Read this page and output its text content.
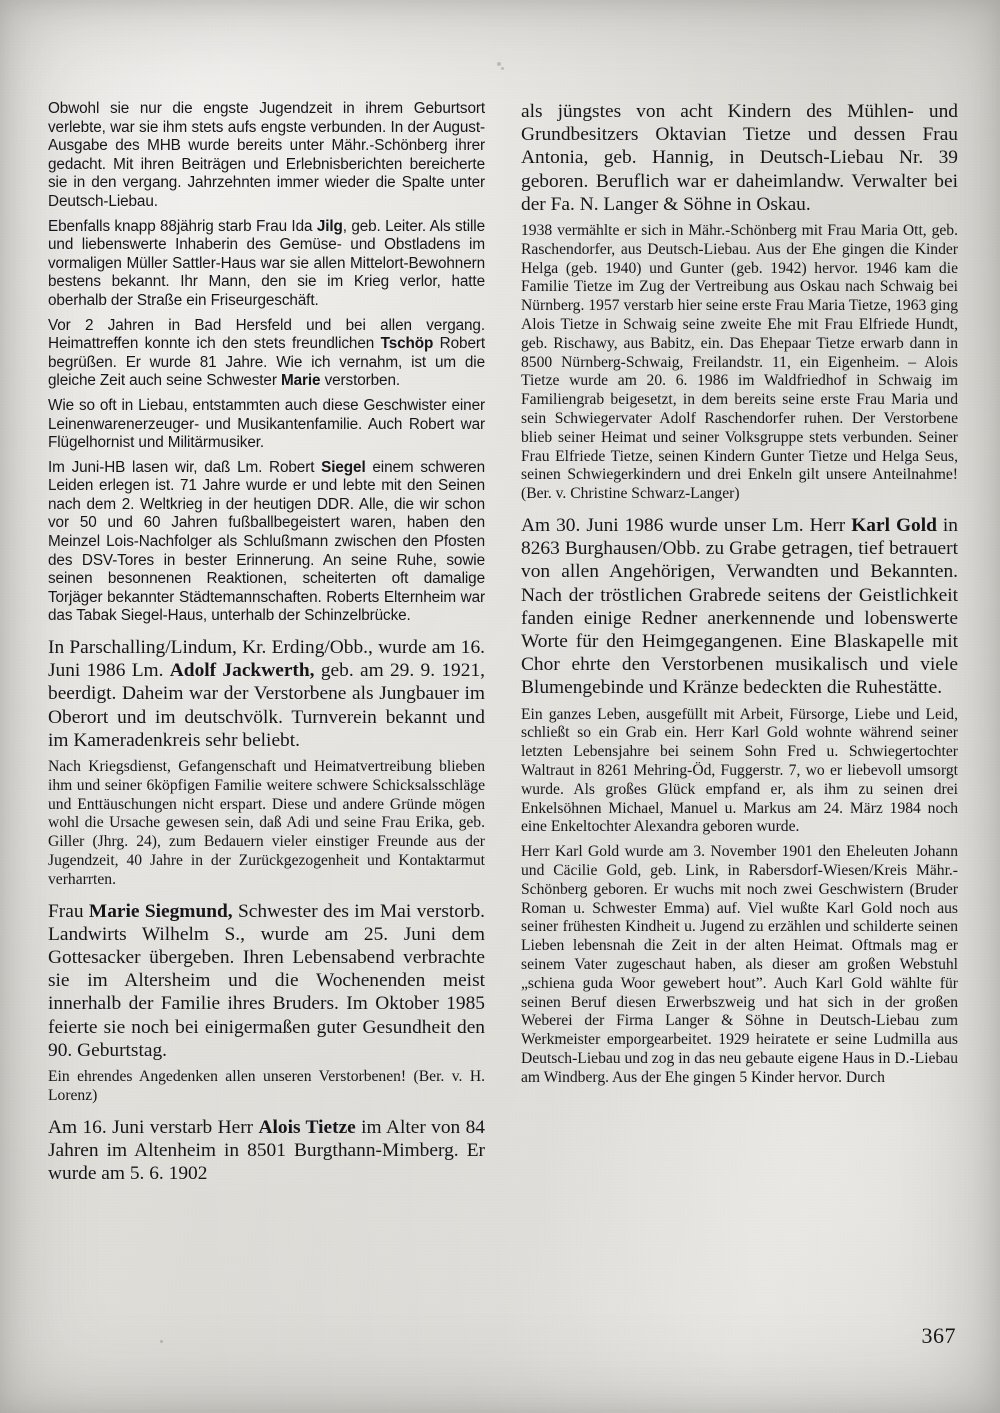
Obwohl sie nur die engste Jugendzeit in ihrem Geburtsort verlebte, war sie ihm stets aufs engste verbunden. In der August-Ausgabe des MHB wurde bereits unter Mähr.-Schönberg ihrer gedacht. Mit ihren Beiträgen und Erlebnisberichten bereicherte sie in den vergang. Jahrzehnten immer wieder die Spalte unter Deutsch-Liebau.

Ebenfalls knapp 88jährig starb Frau Ida Jilg, geb. Leiter. Als stille und liebenswerte Inhaberin des Gemüse- und Obstladens im vormaligen Müller Sattler-Haus war sie allen Mittelort-Bewohnern bestens bekannt. Ihr Mann, den sie im Krieg verlor, hatte oberhalb der Straße ein Friseurgeschäft.

Vor 2 Jahren in Bad Hersfeld und bei allen vergang. Heimattreffen konnte ich den stets freundlichen Tschöp Robert begrüßen. Er wurde 81 Jahre. Wie ich vernahm, ist um die gleiche Zeit auch seine Schwester Marie verstorben.

Wie so oft in Liebau, entstammten auch diese Geschwister einer Leinenwarenerzeuger- und Musikantenfamilie. Auch Robert war Flügelhornist und Militärmusiker.

Im Juni-HB lasen wir, daß Lm. Robert Siegel einem schweren Leiden erlegen ist. 71 Jahre wurde er und lebte mit den Seinen nach dem 2. Weltkrieg in der heutigen DDR. Alle, die wir schon vor 50 und 60 Jahren fußballbegeistert waren, haben den Meinzel Lois-Nachfolger als Schlußmann zwischen den Pfosten des DSV-Tores in bester Erinnerung. An seine Ruhe, sowie seinen besonnenen Reaktionen, scheiterten oft damalige Torjäger bekannter Städtemannschaften. Roberts Elternheim war das Tabak Siegel-Haus, unterhalb der Schinzelbrücke.

In Parschalling/Lindum, Kr. Erding/Obb., wurde am 16. Juni 1986 Lm. Adolf Jackwerth, geb. am 29. 9. 1921, beerdigt. Daheim war der Verstorbene als Jungbauer im Oberort und im deutschvölk. Turnverein bekannt und im Kameradenkreis sehr beliebt.

Nach Kriegsdienst, Gefangenschaft und Heimatvertreibung blieben ihm und seiner 6köpfigen Familie weitere schwere Schicksalsschläge und Enttäuschungen nicht erspart. Diese und andere Gründe mögen wohl die Ursache gewesen sein, daß Adi und seine Frau Erika, geb. Giller (Jhrg. 24), zum Bedauern vieler einstiger Freunde aus der Jugendzeit, 40 Jahre in der Zurückgezogenheit und Kontaktarmut verharrten.

Frau Marie Siegmund, Schwester des im Mai verstorb. Landwirts Wilhelm S., wurde am 25. Juni dem Gottesacker übergeben. Ihren Lebensabend verbrachte sie im Altersheim und die Wochenenden meist innerhalb der Familie ihres Bruders. Im Oktober 1985 feierte sie noch bei einigermaßen guter Gesundheit den 90. Geburtstag.

Ein ehrendes Angedenken allen unseren Verstorbenen! (Ber. v. H. Lorenz)

Am 16. Juni verstarb Herr Alois Tietze im Alter von 84 Jahren im Altenheim in 8501 Burgthann-Mimberg. Er wurde am 5. 6. 1902

als jüngstes von acht Kindern des Mühlen- und Grundbesitzers Oktavian Tietze und dessen Frau Antonia, geb. Hannig, in Deutsch-Liebau Nr. 39 geboren. Beruflich war er daheimlandw. Verwalter bei der Fa. N. Langer & Söhne in Oskau.

1938 vermählte er sich in Mähr.-Schönberg mit Frau Maria Ott, geb. Raschendorfer, aus Deutsch-Liebau. Aus der Ehe gingen die Kinder Helga (geb. 1940) und Gunter (geb. 1942) hervor. 1946 kam die Familie Tietze im Zug der Vertreibung aus Oskau nach Schwaig bei Nürnberg. 1957 verstarb hier seine erste Frau Maria Tietze, 1963 ging Alois Tietze in Schwaig seine zweite Ehe mit Frau Elfriede Hundt, geb. Rischawy, aus Babitz, ein. Das Ehepaar Tietze erwarb dann in 8500 Nürnberg-Schwaig, Freilandstr. 11, ein Eigenheim. – Alois Tietze wurde am 20. 6. 1986 im Waldfriedhof in Schwaig im Familiengrab beigesetzt, in dem bereits seine erste Frau Maria und sein Schwiegervater Adolf Raschendorfer ruhen. Der Verstorbene blieb seiner Heimat und seiner Volksgruppe stets verbunden. Seiner Frau Elfriede Tietze, seinen Kindern Gunter Tietze und Helga Seus, seinen Schwiegerkindern und drei Enkeln gilt unsere Anteilnahme! (Ber. v. Christine Schwarz-Langer)

Am 30. Juni 1986 wurde unser Lm. Herr Karl Gold in 8263 Burghausen/Obb. zu Grabe getragen, tief betrauert von allen Angehörigen, Verwandten und Bekannten. Nach der tröstlichen Grabrede seitens der Geistlichkeit fanden einige Redner anerkennende und lobenswerte Worte für den Heimgegangenen. Eine Blaskapelle mit Chor ehrte den Verstorbenen musikalisch und viele Blumengebinde und Kränze bedeckten die Ruhestätte.

Ein ganzes Leben, ausgefüllt mit Arbeit, Fürsorge, Liebe und Leid, schließt so ein Grab ein. Herr Karl Gold wohnte während seiner letzten Lebensjahre bei seinem Sohn Fred u. Schwiegertochter Waltraut in 8261 Mehring-Öd, Fuggerstr. 7, wo er liebevoll umsorgt wurde. Als großes Glück empfand er, als ihm zu seinen drei Enkelsöhnen Michael, Manuel u. Markus am 24. März 1984 noch eine Enkeltochter Alexandra geboren wurde.

Herr Karl Gold wurde am 3. November 1901 den Eheleuten Johann und Cäcilie Gold, geb. Link, in Rabersdorf-Wiesen/Kreis Mähr.-Schönberg geboren. Er wuchs mit noch zwei Geschwistern (Bruder Roman u. Schwester Emma) auf. Viel wußte Karl Gold noch aus seiner frühesten Kindheit u. Jugend zu erzählen und schilderte seinen Lieben lebensnah die Zeit in der alten Heimat. Oftmals mag er seinem Vater zugeschaut haben, als dieser am großen Webstuhl „schiena guda Woor gewebert hout”. Auch Karl Gold wählte für seinen Beruf diesen Erwerbszweig und hat sich in der großen Weberei der Firma Langer & Söhne in Deutsch-Liebau zum Werkmeister emporgearbeitet. 1929 heiratete er seine Ludmilla aus Deutsch-Liebau und zog in das neu gebaute eigene Haus in D.-Liebau am Windberg. Aus der Ehe gingen 5 Kinder hervor. Durch

367
